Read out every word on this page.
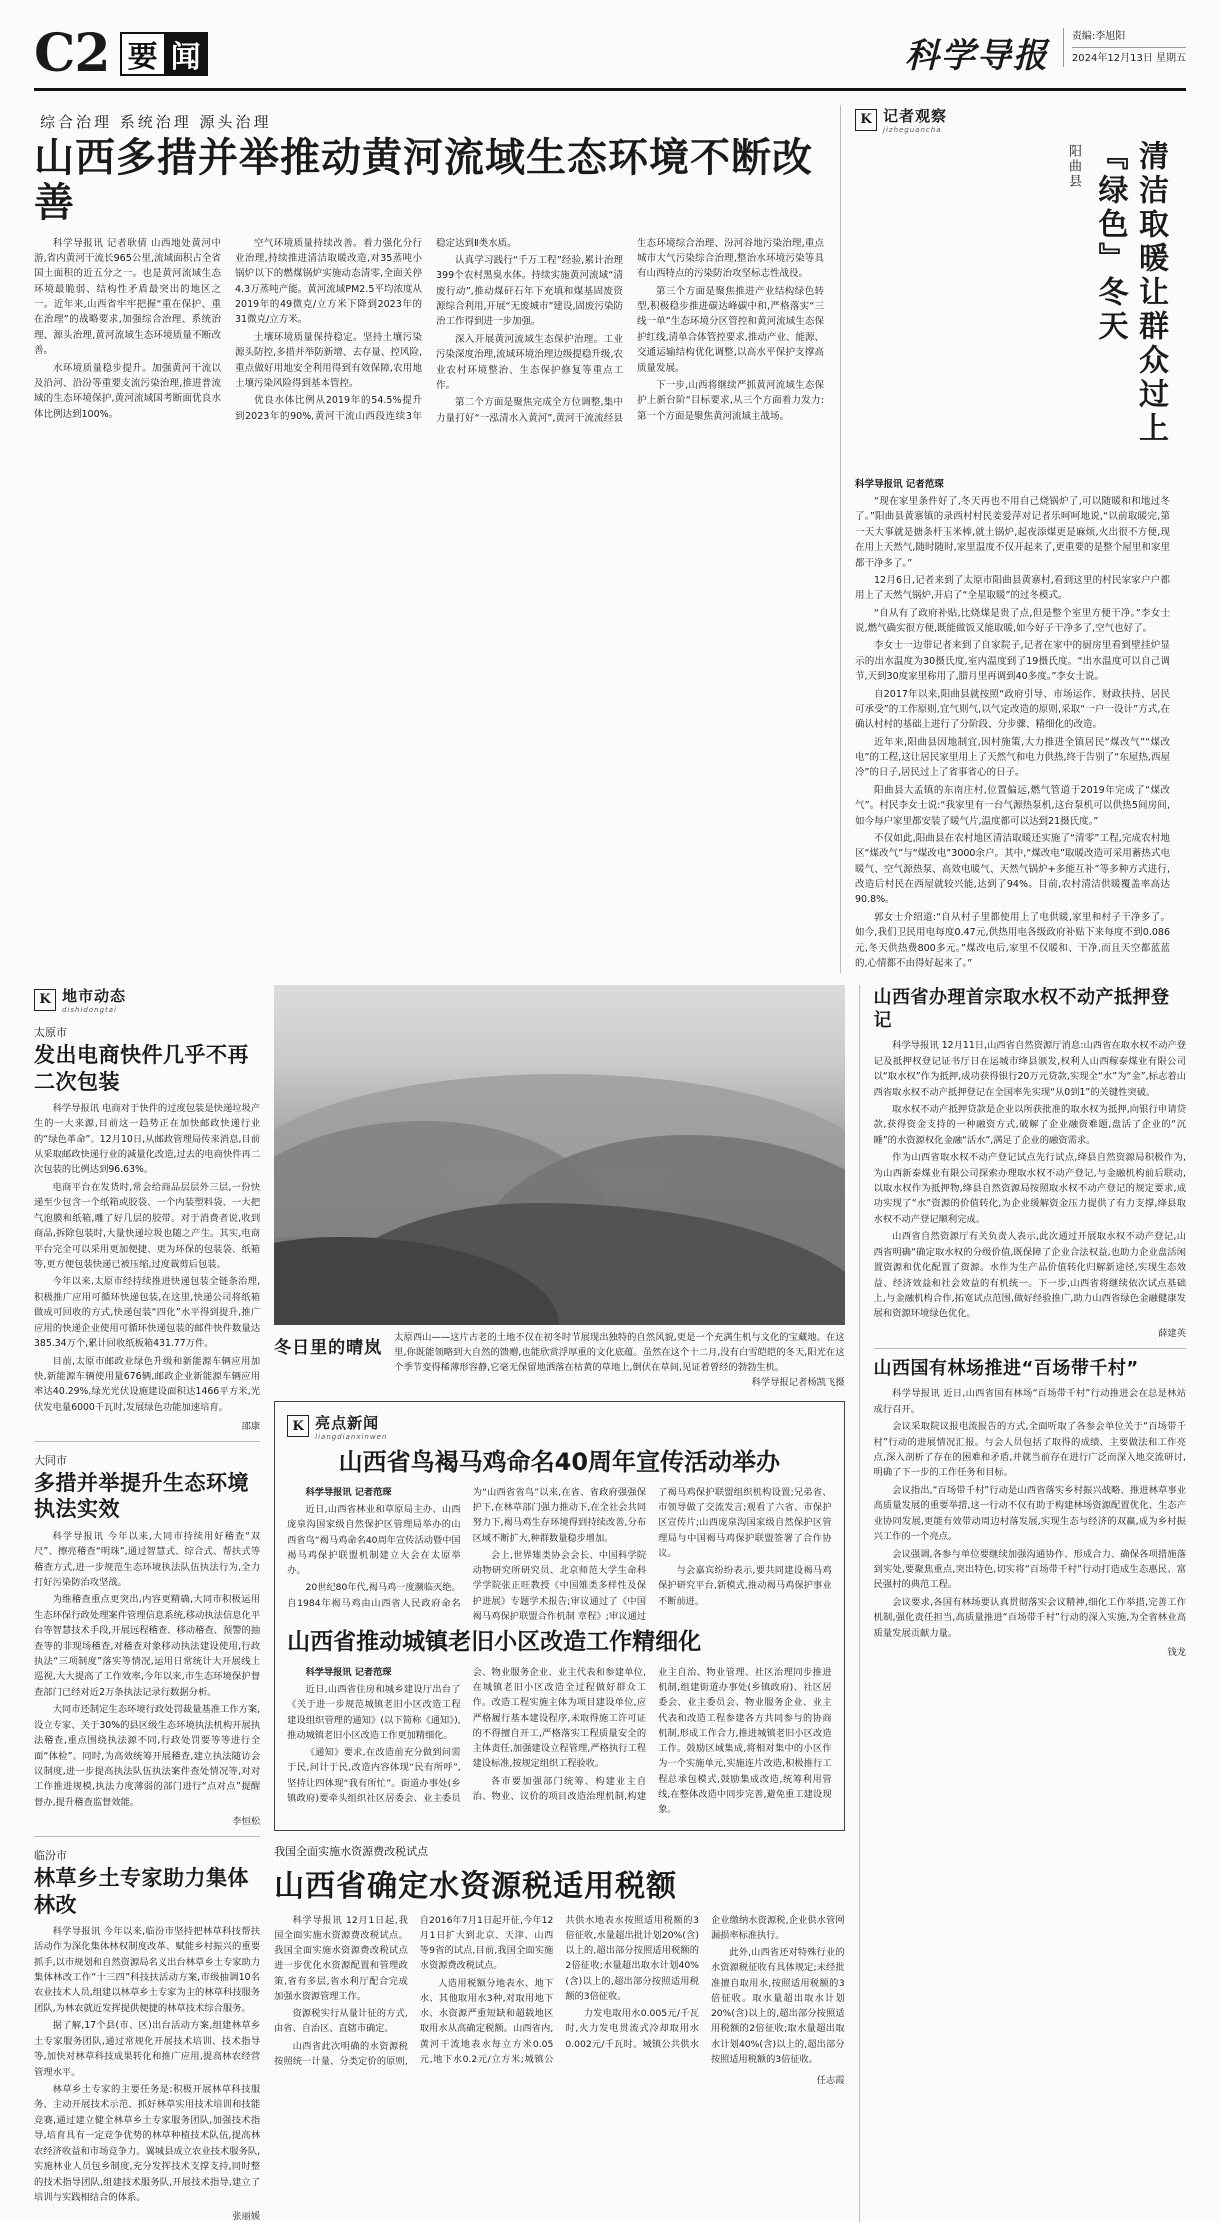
C2 要 闻	科学导报 责编:李旭阳
2024年12月13日 星期五
综合治理 系统治理 源头治理
山西多措并举推动黄河流域生态环境不断改善

科学导报讯 记者耿倩 山西地处黄河中游,省内黄河干流长965公里,流域面积占全省国土面积的近五分之一。也是黄河流域生态环境最脆弱、结构性矛盾最突出的地区之一。近年来,山西省牢牢把握“重在保护、重在治理”的战略要求,加强综合治理、系统治理、源头治理,黄河流域生态环境质量不断改善。

水环境质量稳步提升。加强黄河干流以及沿河、沿汾等重要支流污染治理,推进普流域的生态环境保护,黄河流域国考断面优良水体比例达到100%。

空气环境质量持续改善。着力强化分行业治理,持续推进清洁取暖改造,对35蒸吨小锅炉以下的燃煤锅炉实施动态清零,全面关停4.3万蒸吨产能。黄河流域PM2.5平均浓度从2019年的49微克/立方米下降到2023年的31微克/立方米。

土壤环境质量保持稳定。坚持土壤污染源头防控,多措并举防新增、去存量、控风险,重点做好用地安全利用得到有效保障,农用地土壤污染风险得到基本管控。

优良水体比例从2019年的54.5%提升到2023年的90%,黄河干流山西段连续3年稳定达到Ⅱ类水质。

认真学习践行“千万工程”经验,累计治理399个农村黑臭水体。持续实施黄河流域“清废行动”,推动煤矸石年下充填和煤基固废资源综合利用,开展“无废城市”建设,固废污染防治工作得到进一步加强。

深入开展黄河流域生态保护治理。工业污染深度治理,流域环境治理边级提稳升级,农业农村环境整治、生态保护修复等重点工作。

第二个方面是聚焦完成全方位调整,集中力量打好“一泓清水入黄河”,黄河干流流经县生态环境综合治理、汾河谷地污染治理,重点城市大气污染综合治理,整治水环境污染等具有山西特点的污染防治攻坚标志性战役。

第三个方面是聚焦推进产业结构绿色转型,积极稳步推进碳达峰碳中和,严格落实“三线一单”生态环境分区管控和黄河流域生态保护红线,清单合体管控要求,推动产业、能源、交通运输结构优化调整,以高水平保护支撑高质量发展。

下一步,山西将继续严抓黄河流域生态保护上新台阶“目标要求,从三个方面着力发力:第一个方面是聚焦黄河流域主战场。

K 记者观察
jizheguancha
阳曲县	清洁取暖让群众过上『绿色』冬天
科学导报讯 记者范琛

“现在家里条件好了,冬天再也不用自己烧锅炉了,可以随暖和和地过冬了。”阳曲县黄寨镇的录西村村民姜爱萍对记者乐呵呵地说,“以前取暖完,第一天大事就是搪条杆玉米棒,就土锅炉,起夜添煤更是麻烦,火出很不方便,现在用上天然气,随时随时,家里温度不仅开起来了,更重要的是整个屋里和家里都干净多了。”

12月6日,记者来到了太原市阳曲县黄寨村,看到这里的村民家家户户都用上了天然气锅炉,开启了“全星取暖”的过冬模式。

“自从有了政府补贴,比烧煤是贵了点,但是整个室里方便干净。”李女士说,燃气确实很方便,既能做饭又能取暖,如今好子干净多了,空气也好了。

李女士一边带记者来到了自家院子,记者在家中的厨房里看到壁挂炉显示的出水温度为30摄氏度,室内温度到了19摄氏度。“出水温度可以自己调节,天到30度家里称用了,腊月里再调到40多度。”李女士说。

自2017年以来,阳曲县就按照“政府引导、市场运作、财政扶持、居民可承受”的工作原则,宜气则气,以气定改造的原则,采取“一户一设计”方式,在确认村村的基础上进行了分阶段、分步骤、精细化的改造。

近年来,阳曲县因地制宜,因村施策,大力推进全镇居民“煤改气”“煤改电”的工程,这让居民家里用上了天然气和电力供热,终于告别了“东屋热,西屋冷”的日子,居民过上了省事省心的日子。

阳曲县大孟镇的东南庄村,位置偏远,燃气管道于2019年完成了“煤改气”。村民李女士说:“我家里有一台气源热泵机,这台泵机可以供热5间房间,如今每户家里都安装了暖气片,温度都可以达到21摄氏度。”

不仅如此,阳曲县在农村地区清洁取暖还实施了“清零”工程,完成农村地区“煤改气”与“煤改电”3000余户。其中,“煤改电”取暖改造可采用蓄热式电暖气、空气源热泵、高效电暖气、天然气锅炉+多能互补”等多种方式进行,改造后村民在西屋就较兴能,达到了94%。目前,农村清洁供暖覆盖率高达90.8%。

郭女士介绍道:“自从村子里都使用上了电供暖,家里和村子干净多了。如今,我们卫民用电每度0.47元,供热用电各级政府补贴下来每度不到0.086元,冬天供热费800多元。”煤改电后,家里不仅暖和、干净,而且天空都蓝蓝的,心情都不由得好起来了。”

K 地市动态
dishidongtai
太原市
发出电商快件几乎不再二次包装

科学导报讯 电商对于快件的过度包装是快递垃圾产生的一大来源,目前这一趋势正在加快邮政快递行业的“绿色革命”。12月10日,从邮政管理局传来消息,目前从采取邮政快递行业的减量化改造,过去的电商快件再二次包装的比例达到96.63%。

电商平台在发货时,常会给商品层层外三层,一份快递至少包含一个纸箱或胶袋、一个内装塑料袋、一大把气泡膜和纸箱,雕了好几层的胶带。对于消费者说,收到商品,拆除包装时,大量快递垃圾也随之产生。其实,电商平台完全可以采用更加便捷、更为环保的包装袋、纸箱等,更方便包装快递已被压缩,过度裁剪后包装。

今年以来,太原市经持续推进快递包装全链条治理,积极推广应用可循环快递包装,在这里,快递公司将纸箱做成可回收的方式,快递包装“四化”水平得到提升,推广应用的快递企业使用可循环快递包装的邮件快件数量达385.34万个,累计回收纸板箱431.77万件。

目前,太原市邮政业绿色升级和新能源车辆应用加快,新能源车辆使用量676辆,邮政企业新能源车辆应用率达40.29%,绿光光伏设施建设面积达1466平方米,光伏发电量6000千瓦时,发展绿色功能加速培育。

邵康
大同市
多措并举提升生态环境执法实效

科学导报讯 今年以来,大同市持续用好稽查“双尺”、擦亮稽查“明珠”,通过智慧式、综合式、帮扶式等稽查方式,进一步规范生态环境执法队伍执法行为,全力打好污染防治攻坚战。

为维稽查重点更突出,内容更精确,大同市积极运用生态环保行政处理案件管理信息系统,移动执法信息化平台等智慧技术手段,开展远程稽查、移动稽查、预警的抽查等的非现场稽查,对稽查对象移动执法建设使用,行政执法“三项制度”落实等情况,运用日常统计大开展线上巡视,大大提高了工作效率,今年以来,市生态环境保护督查部门已经对近2万条执法记录行数据分析。

大同市还制定生态环境行政处罚裁量基准工作方案,设立专家、关于30%的县区级生态环境执法机构开展执法稽查,重点围绕执法源不同,行政处罚要等等进行全面“体检”。同时,为高效统筹开展稽查,建立执法随访会议制度,进一步提高执法队伍执法案件查处情况等,对对工作推进规模,执法力度薄弱的部门进行“点对点”提醒督办,提升稽查监督效能。

李恒松
临汾市
林草乡土专家助力集体林改

科学导报讯 今年以来,临汾市坚持把林草科技帮扶活动作为深化集体林权制度改革、赋能乡村振兴的重要抓手,以市规划和自然资源局名义出台林草乡土专家助力集体林改工作“十三四”科技扶活动方案,市级抽调10名农业技术人员,组建以林草乡土专家为主的林草科技服务团队,为林农就近发挥提供便捷的林草技术综合服务。

据了解,17个县(市、区)出台活动方案,组建林草乡土专家服务团队,通过常规化开展技术培训、技术指导等,加快对林草科技成果转化和推广应用,提高林农经营管理水平。

林草乡土专家的主要任务是:积极开展林草科技服务、主动开展技术示范、抓好林草实用技术培训和技能竞赛,通过建立健全林草乡土专家服务团队,加强技术指导,培育具有一定竞争优势的林草种植技术队伍,提高林农经济收益和市场竞争力。翼城县成立农业技术服务队,实施林业人员包乡制度,充分发挥技术支撑支持,同时整的技术指导团队,组建技术服务队,开展技术指导,建立了培训与实践相结合的体系。

张丽媛
冬日里的晴岚
太原西山——这片古老的土地不仅在初冬时节展现出独特的自然风貌,更是一个充满生机与文化的宝藏地。在这里,你既能领略到大自然的馈赠,也能欣赏浮厚重的文化底蕴。虽然在这个十二月,没有白雪皑皑的冬天,阳光在这个季节变得稀薄形容静,它毫无保留地洒落在枯黄的草地上,倒伏在草间,见证着曾经的勃勃生机。
科学导报记者杨凯飞摄
K 亮点新闻
liangdianxinwen
山西省鸟褐马鸡命名40周年宣传活动举办

科学导报讯 记者范琛

近日,山西省林业和草原局主办、山西庞泉沟国家级自然保护区管理局举办的山西省鸟“褐马鸡命名40周年宣传活动暨中国褐马鸡保护联盟机制建立大会在太原举办。

20世纪80年代,褐马鸡一度濒临灭绝。自1984年褐马鸡由山西省人民政府命名为“山西省省鸟”以来,在省、省政府强强保护下,在林草部门强力推动下,在全社会共同努力下,褐马鸡生存环境得到持续改善,分布区域不断扩大,种群数量稳步增加。

会上,世界雉类协会会长、中国科学院动物研究所研究员、北京师范大学生命科学学院张正旺教授《中国雉类多样性及保护进展》专题学术报告;审议通过了《中国褐马鸡保护联盟合作机制 章程》;审议通过了褐马鸡保护联盟组织机构设置;兄弟省、市领导做了交流发言;观看了六省、市保护区宣传片;山西庞泉沟国家级自然保护区管理局与中国褐马鸡保护联盟签署了合作协议。

与会嘉宾纷纷表示,要共同建设褐马鸡保护研究平台,新模式,推动褐马鸡保护事业不断前进。

山西省推动城镇老旧小区改造工作精细化

科学导报讯 记者范琛

近日,山西省住房和城乡建设厅出台了《关于进一步规范城镇老旧小区改造工程建设组织管理的通知》(以下简称《通知》),推动城镇老旧小区改造工作更加精细化。

《通知》要求,在改造前充分做到问需于民,问计于民,改造内容体现“民有所呼”,坚持让四体现“我有所忙”。街道办事处(乡镇政府)要牵头组织社区居委会、业主委员会、物业服务企业、业主代表和参建单位,在城镇老旧小区改造全过程做好群众工作。改造工程实施主体为项目建设单位,应严格履行基本建设程序,未取得施工许可证的不得擅自开工,严格落实工程质量安全的主体责任,加强建设立程管理,严格执行工程建设标准,按规定组织工程验收。

各市要加强部门统筹、构建业主自治、物业、议价的项目改造治理机制,构建业主自治、物业管理、社区治理同步推进机制,组建街道办事处(乡镇政府)、社区居委会、业主委员会、物业服务企业、业主代表和改造工程参建各方共同参与的协商机制,形成工作合力,推进城镇老旧小区改造工作。鼓励区域集成,将相对集中的小区作为一个实施单元,实施连片改造,积极推行工程总承包模式,鼓励集成改造,统筹利用管线,在整体改造中同步完善,避免重工建设现象。

我国全面实施水资源费改税试点
山西省确定水资源税适用税额

科学导报讯 12月1日起,我国全面实施水资源费改税试点。我国全面实施水资源费改税试点进一步优化水资源配置和管理政策,省有多层,省水利厅配合完成加强水资源管理工作。

资源税实行从量计征的方式,由省、自治区、直辖市确定。

山西省此次明确的水资源税按照统一计量、分类定价的原则,自2016年7月1日起开征,今年12月1日扩大到北京、天津、山西等9省的试点,目前,我国全面实施水资源费改税试点。

人造用税额分地表水、地下水、其他取用水3种,对取用地下水、水资源严重短缺和超载地区取用水从高确定税额。山西省内,黄河干流地表水每立方米0.05元,地下水0.2元/立方米;城镇公共供水地表水按照适用税额的3倍征收,水量超出批计划20%(含)以上的,超出部分按照适用税额的2倍征收;水量超出取水计划40%(含)以上的,超出部分按照适用税额的3倍征收。

力发电取用水0.005元/千瓦时,火力发电贯流式冷却取用水0.002元/千瓦时。城镇公共供水企业缴纳水资源税,企业供水管网漏损率标准执行。

此外,山西省还对特殊行业的水资源税征收有具体规定;未经批准擅自取用水,按照适用税额的3倍征收。取水量超出取水计划20%(含)以上的,超出部分按照适用税额的2倍征收;取水量超出取水计划40%(含)以上的,超出部分按照适用税额的3倍征收。

任志霞
山西省办理首宗取水权不动产抵押登记

科学导报讯 12月11日,山西省自然资源厅消息:山西省在取水权不动产登记及抵押权登记证书厅日在运城市绛县颁发,权利人山西稼泰煤业有限公司以“取水权”作为抵押,成功获得银行20万元贷款,实现全“水”为“金”,标志着山西省取水权不动产抵押登记在全国率先实现“从0到1”的关键性突破。

取水权不动产抵押贷款是企业以所获批准的取水权为抵押,向银行申请贷款,获得资金支持的一种融资方式,破解了企业融资难题,盘活了企业的“沉睡”的水资源权化金融“活水”,满足了企业的融资需求。

作为山西省取水权不动产登记试点先行试点,绛县自然资源局积极作为,为山西新泰煤业有限公司探索办理取水权不动产登记,与金融机构前后联动,以取水权作为抵押物,绛县自然资源局按照取水权不动产登记的规定要求,成功实现了“水”资源的价值转化,为企业缓解资金压力提供了有力支撑,绛县取水权不动产登记顺利完成。

山西省自然资源厅有关负责人表示,此次通过开展取水权不动产登记,山西省明确“确定取水权的分级价值,既保障了企业合法权益,也助力企业盘活闲置资源和优化配置了资源。水作为生产品价值转化归解新途径,实现生态效益、经济效益和社会效益的有机统一。下一步,山西省将继续依次试点基础上,与金融机构合作,拓宽试点范围,做好经验推广,助力山西省绿色金融健康发展和资源环境绿色优化。

薛建英
山西国有林场推进“百场带千村”

科学导报讯 近日,山西省国有林场“百场带千村”行动推进会在总是林站成行召开。

会议采取院议报电流报告的方式,全面听取了各参会单位关于“百场带千村”行动的进展情况汇报。与会人员包括了取得的成绩、主要做法和工作亮点,深入剖析了存在的困难和矛盾,并就当前存在进行广泛而深入地交流研讨,明确了下一步的工作任务和目标。

会议指出,“百场带千村”行动是山西省落实乡村振兴战略、推进林草事业高质量发展的重要举措,这一行动不仅有助于构建林场资源配置优化、生态产业协同发展,更能有效带动周边村落发展,实现生态与经济的双赢,成为乡村振兴工作的一个亮点。

会议强调,各参与单位要继续加强沟通协作、形成合力、确保各项措施落到实处,要聚焦重点,突出特色,切实将“百场带千村”行动打造成生态惠民、富民强村的典范工程。

会议要求,各国有林场要认真贯彻落实会议精神,细化工作举措,完善工作机制,强化责任担当,高质量推进“百场带千村”行动的深入实施,为全省林业高质量发展贡献力量。

钱龙
